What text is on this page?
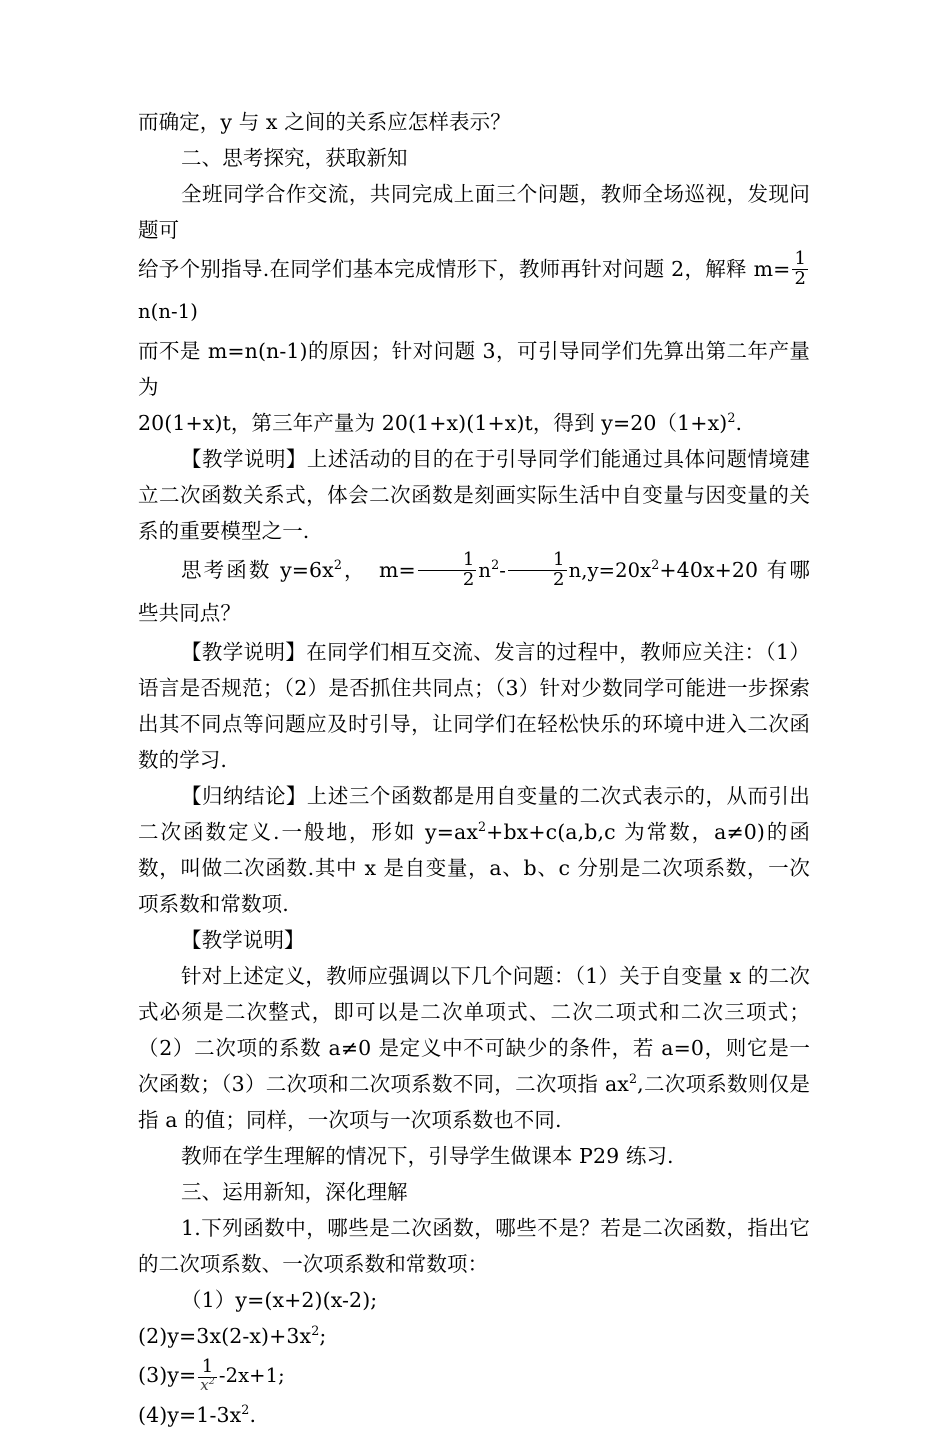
而确定，y 与 x 之间的关系应怎样表示？

二、思考探究，获取新知

全班同学合作交流，共同完成上面三个问题，教师全场巡视，发现问题可

给予个别指导.在同学们基本完成情形下，教师再针对问题 2，解释 $m= \frac{1}{2}$
n(n-1)

而不是 m=n(n-1)的原因；针对问题 3，可引导同学们先算出第二年产量为

20(1+x)t，第三年产量为 20(1+x)(1+x)t，得到 y=20（1+x)$^2$.

【教学说明】上述活动的目的在于引导同学们能通过具体问题情境建立二次函数关系式，体会二次函数是刻画实际生活中自变量与因变量的关系的重要模型之一.

思考函数 $y=6x^2$，　$m= \frac{1}{2} n^2- \frac{1}{2} n,y=20x^2+40x+20$ 有哪些共同点？

【教学说明】在同学们相互交流、发言的过程中，教师应关注：（1）语言是否规范；（2）是否抓住共同点；（3）针对少数同学可能进一步探索出其不同点等问题应及时引导，让同学们在轻松快乐的环境中进入二次函数的学习.

【归纳结论】上述三个函数都是用自变量的二次式表示的，从而引出二次函数定义.一般地，形如 $y=ax^2+bx+c(a,b,c$ 为常数，a≠0)的函数，叫做二次函数.其中 x 是自变量，a、b、c 分别是二次项系数，一次项系数和常数项.

【教学说明】

针对上述定义，教师应强调以下几个问题：（1）关于自变量 x 的二次式必须是二次整式，即可以是二次单项式、二次二项式和二次三项式；（2）二次项的系数 a≠0 是定义中不可缺少的条件，若 a=0，则它是一次函数；（3）二次项和二次项系数不同，二次项指 $ax^2$,二次项系数则仅是指 a 的值；同样，一次项与一次项系数也不同.

教师在学生理解的情况下，引导学生做课本 P29 练习.

三、运用新知，深化理解

1.下列函数中，哪些是二次函数，哪些不是？若是二次函数，指出它的二次项系数、一次项系数和常数项：

（1）y=(x+2)(x-2);

$(2)y=3x(2-x)+3x^2$;

$(3)y= \frac{1}{x^2} -2x+1$;

$(4)y=1-3x^2$.
